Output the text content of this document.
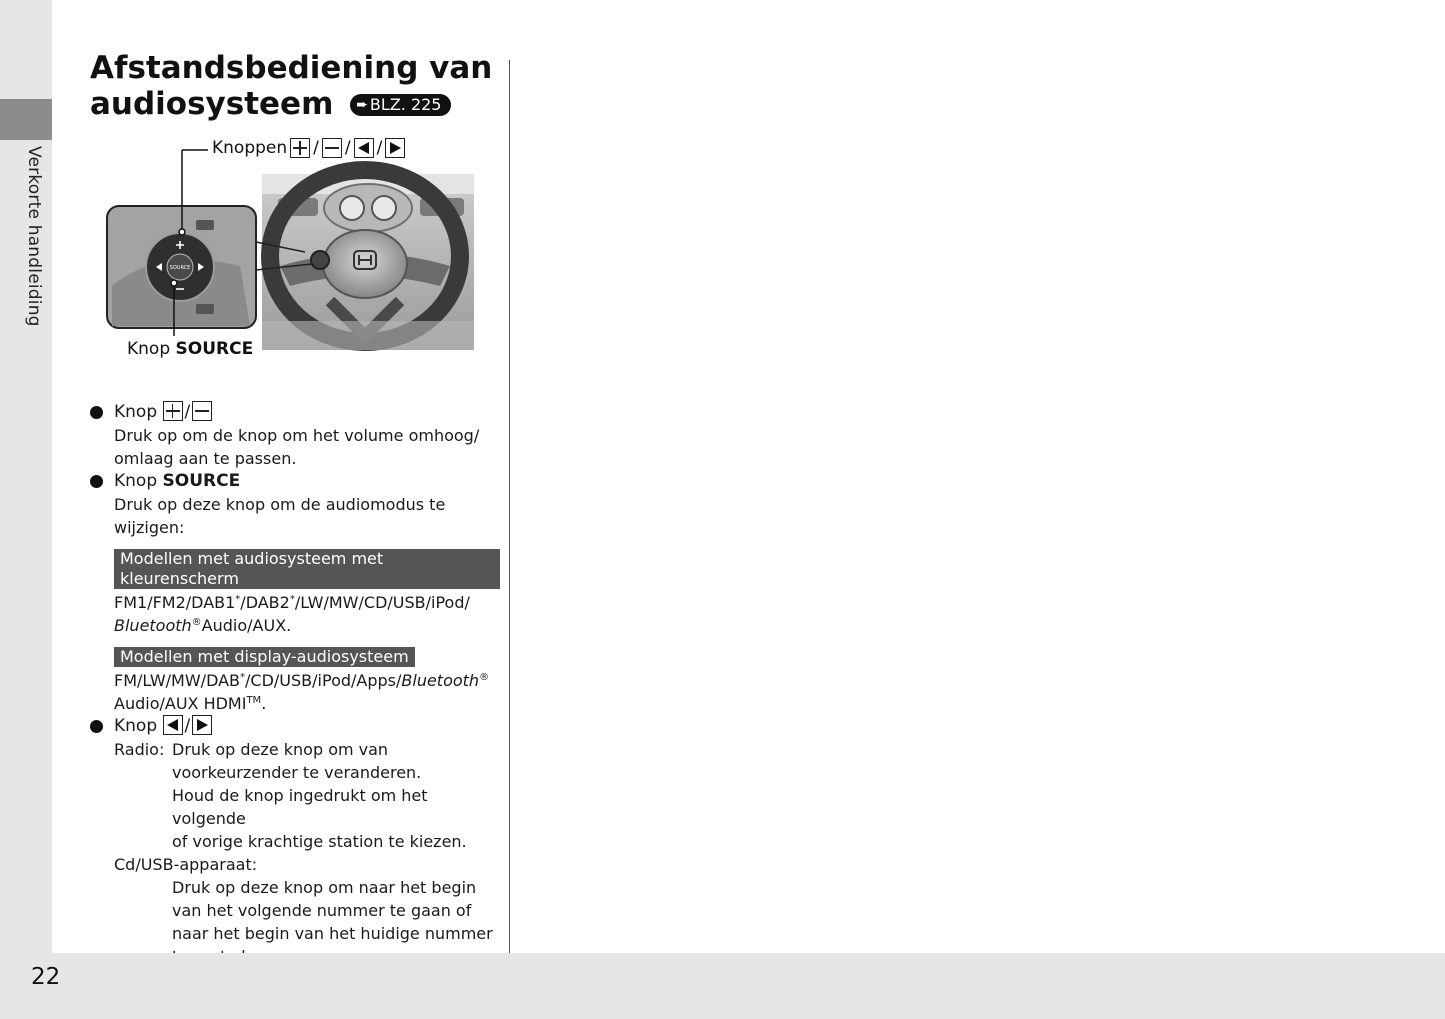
Verkorte handleiding
Afstandsbediening van
audiosysteem ➨ BLZ. 225
SOURCE
Knoppen / / /
Knop SOURCE
Knop /
Druk op om de knop om het volume omhoog/
omlaag aan te passen.
Knop SOURCE
Druk op deze knop om de audiomodus te wijzigen:
Modellen met audiosysteem met kleurenscherm
FM1/FM2/DAB1*/DAB2*/LW/MW/CD/USB/iPod/
Bluetooth®Audio/AUX.
Modellen met display-audiosysteem
FM/LW/MW/DAB*/CD/USB/iPod/Apps/Bluetooth®
Audio/AUX HDMI™.
Knop /
Radio: Druk op deze knop om van
voorkeurzender te veranderen.
Houd de knop ingedrukt om het volgende
of vorige krachtige station te kiezen.
Cd/USB-apparaat:
Druk op deze knop om naar het begin
van het volgende nummer te gaan of
naar het begin van het huidige nummer
22
